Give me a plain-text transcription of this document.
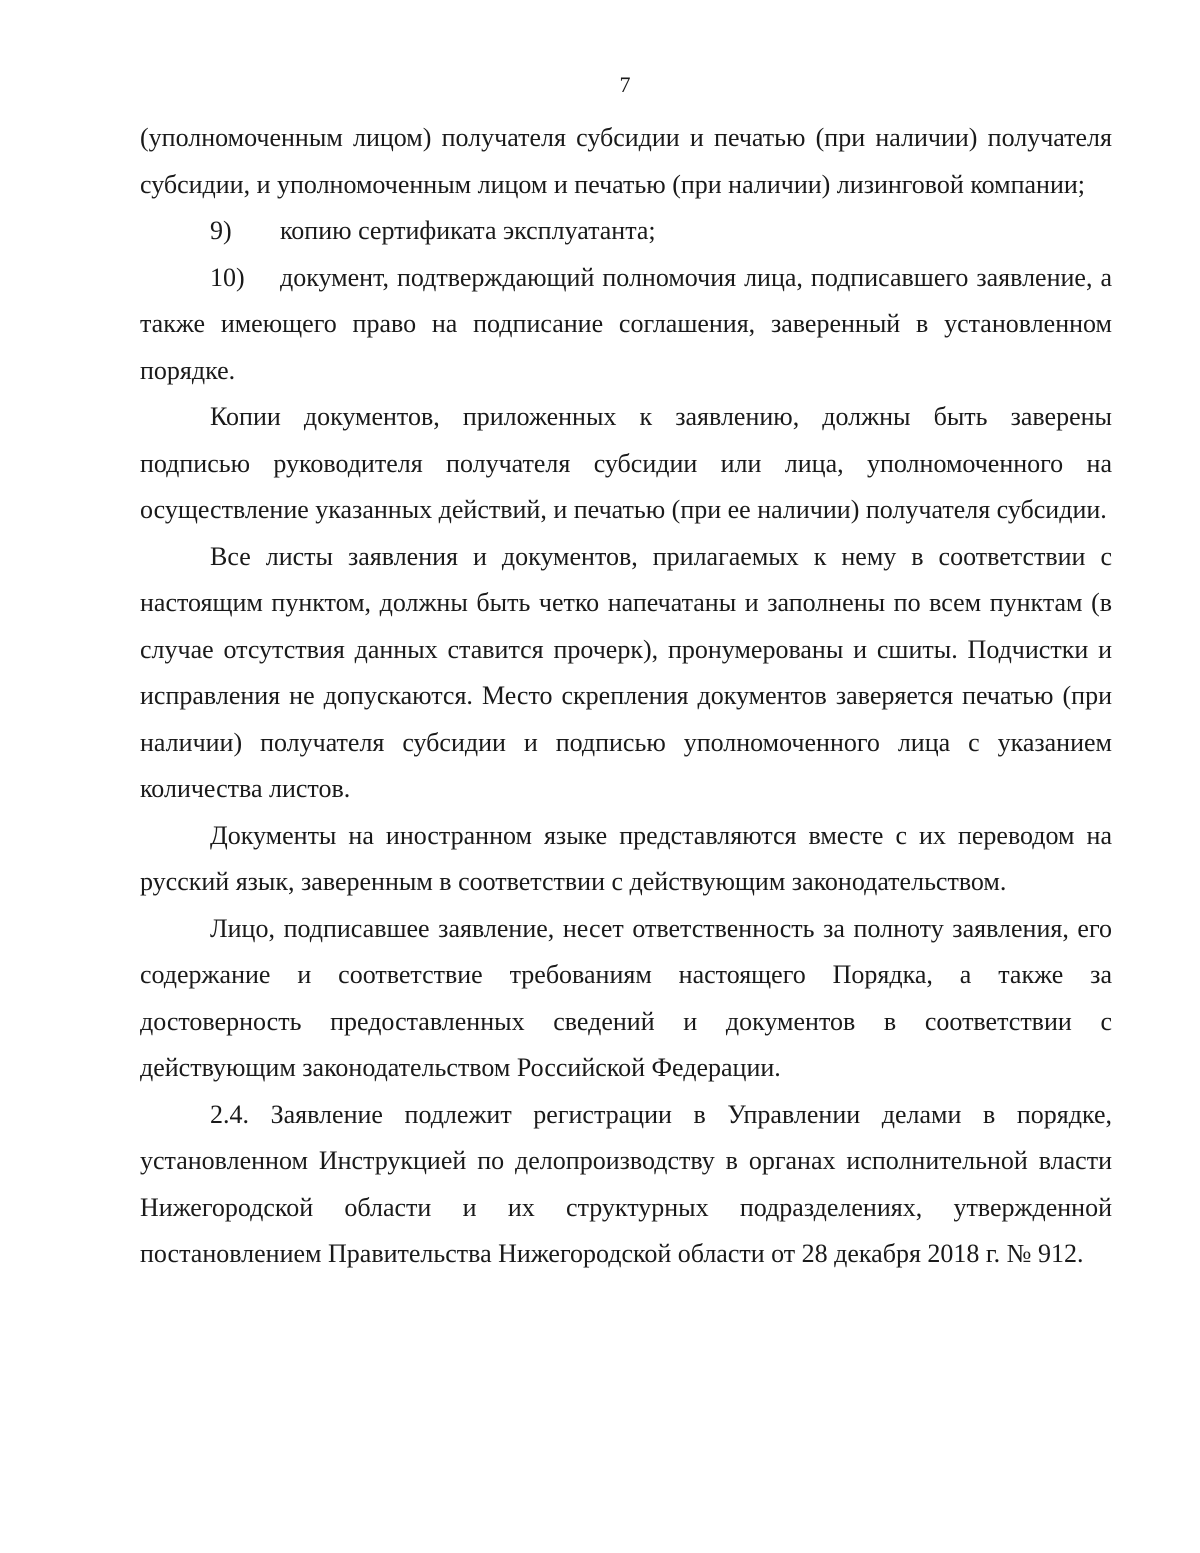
7

(уполномоченным лицом) получателя субсидии и печатью (при наличии) получателя субсидии, и уполномоченным лицом и печатью (при наличии) лизинговой компании;

9)	копию сертификата эксплуатанта;
10) документ, подтверждающий полномочия лица, подписавшего заявление, а также имеющего право на подписание соглашения, заверенный в установленном порядке.

Копии документов, приложенных к заявлению, должны быть заверены подписью руководителя получателя субсидии или лица, уполномоченного на осуществление указанных действий, и печатью (при ее наличии) получателя субсидии.

Все листы заявления и документов, прилагаемых к нему в соответствии с настоящим пунктом, должны быть четко напечатаны и заполнены по всем пунктам (в случае отсутствия данных ставится прочерк), пронумерованы и сшиты. Подчистки и исправления не допускаются. Место скрепления документов заверяется печатью (при наличии) получателя субсидии и подписью уполномоченного лица с указанием количества листов.

Документы на иностранном языке представляются вместе с их переводом на русский язык, заверенным в соответствии с действующим законодательством.

Лицо, подписавшее заявление, несет ответственность за полноту заявления, его содержание и соответствие требованиям настоящего Порядка, а также за достоверность предоставленных сведений и документов в соответствии с действующим законодательством Российской Федерации.

2.4. Заявление подлежит регистрации в Управлении делами в порядке, установленном Инструкцией по делопроизводству в органах исполнительной власти Нижегородской области и их структурных подразделениях, утвержденной постановлением Правительства Нижегородской области от 28 декабря 2018 г. № 912.
